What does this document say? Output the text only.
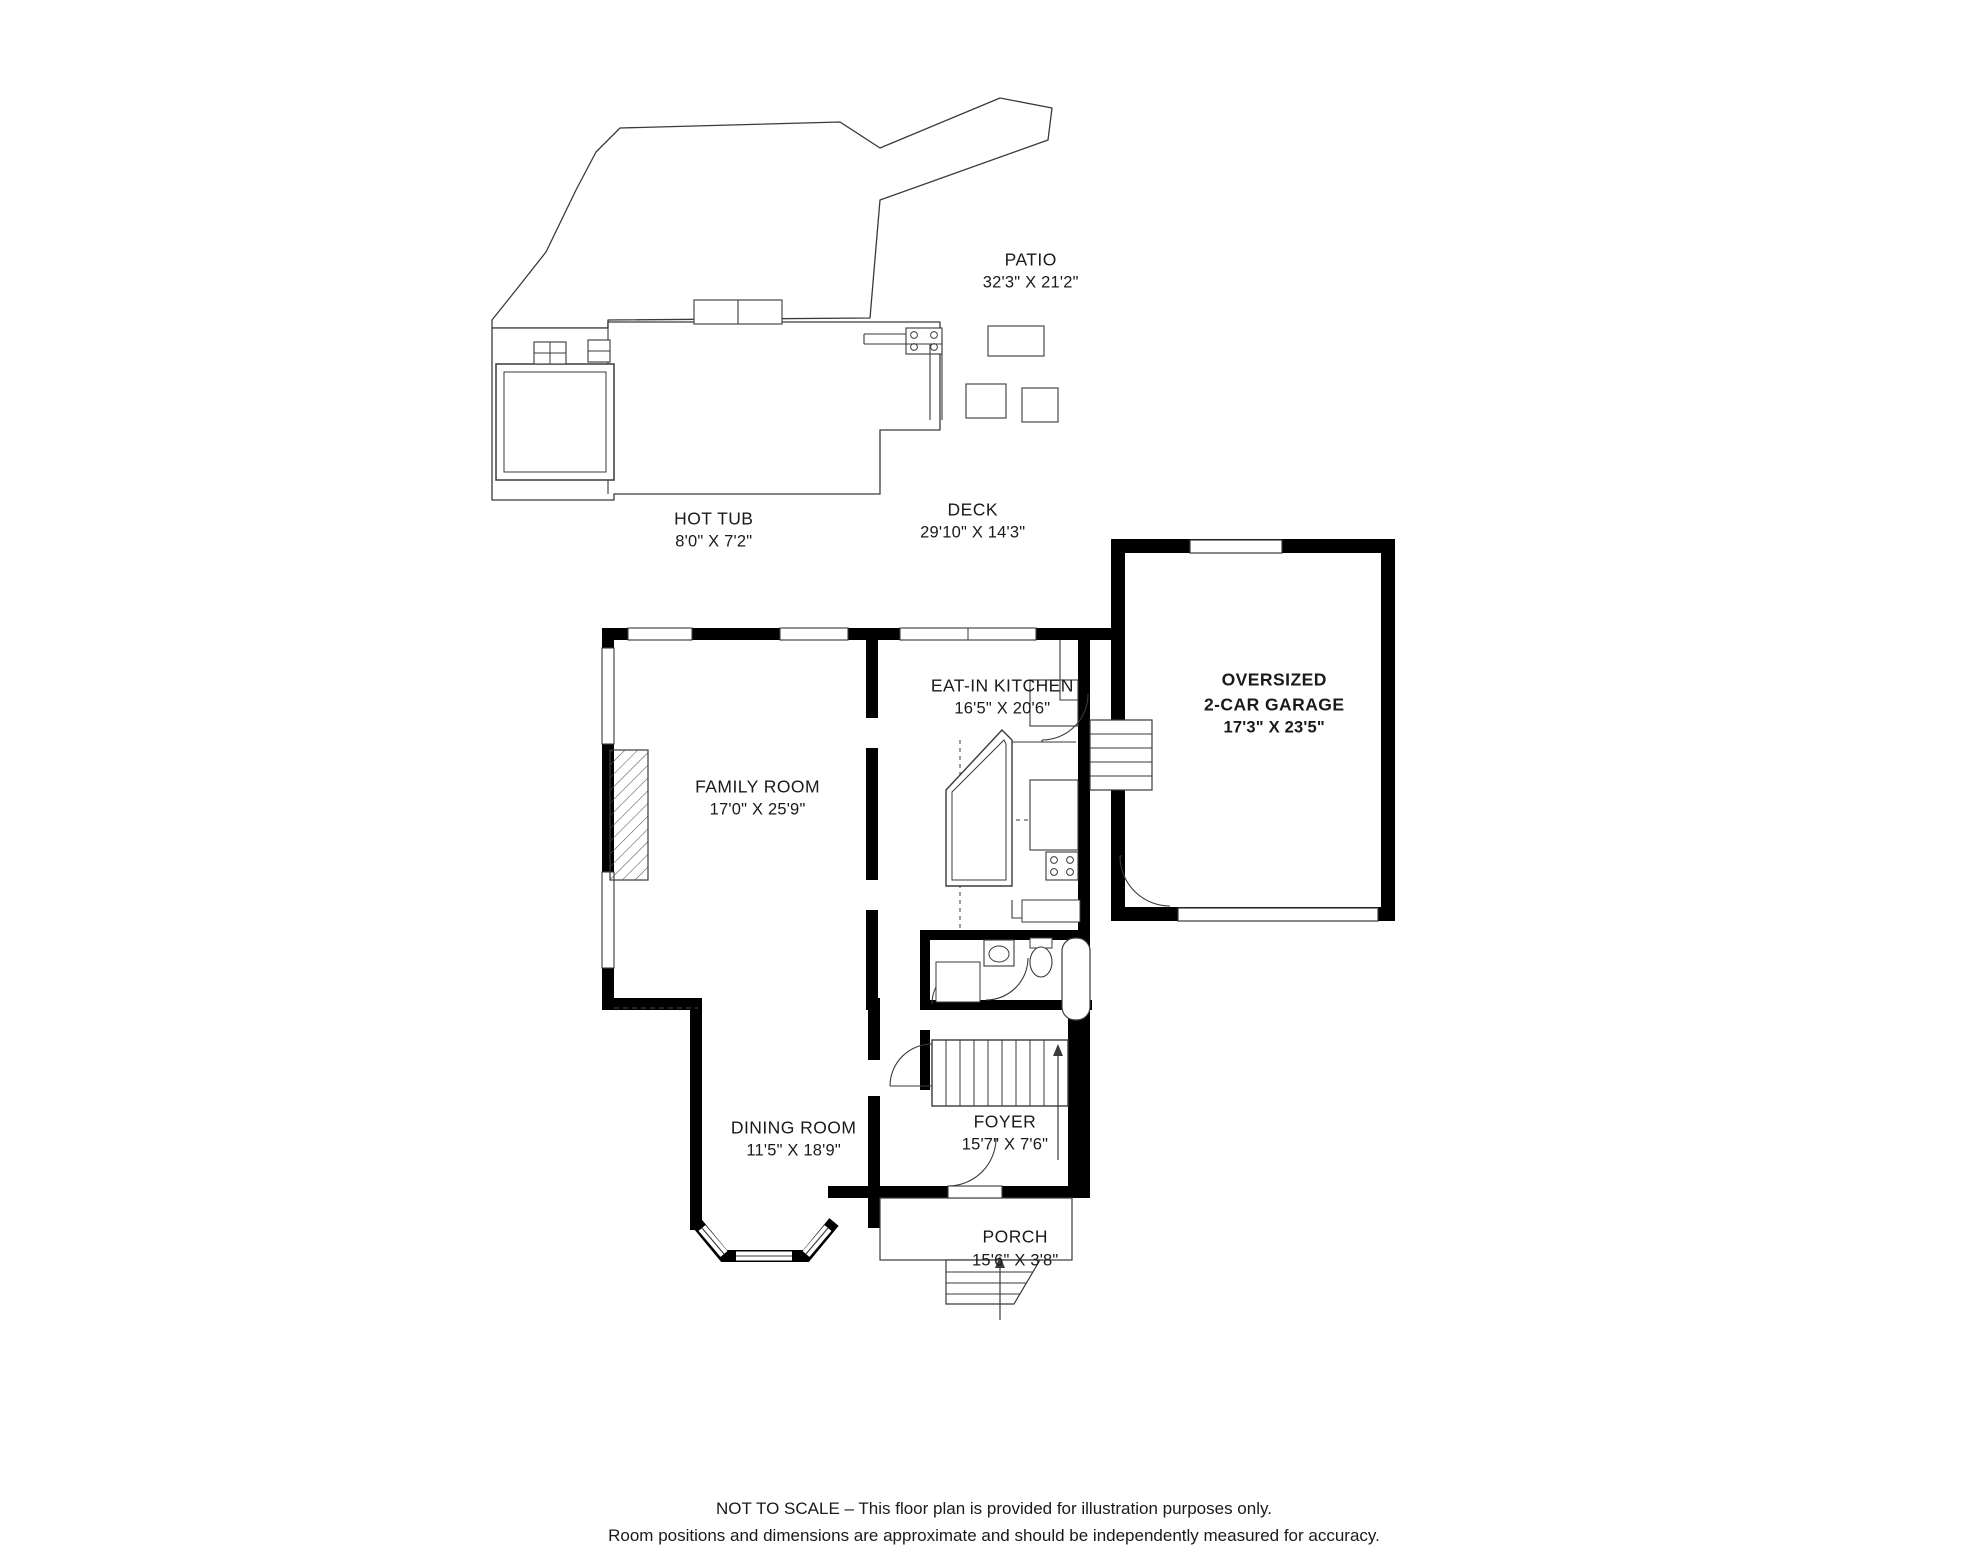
PATIO
32'3" X 21'2"
DECK
29'10" X 14'3"
HOT TUB
8'0" X 7'2"
OVERSIZED
2-CAR GARAGE
17'3" X 23'5"
EAT-IN KITCHEN
16'5" X 20'6"
FAMILY ROOM
17'0" X 25'9"
DINING ROOM
11'5" X 18'9"
FOYER
15'7" X 7'6"
PORCH
15'6" X 3'8"
NOT TO SCALE – This floor plan is provided for illustration purposes only.
Room positions and dimensions are approximate and should be independently measured for accuracy.
